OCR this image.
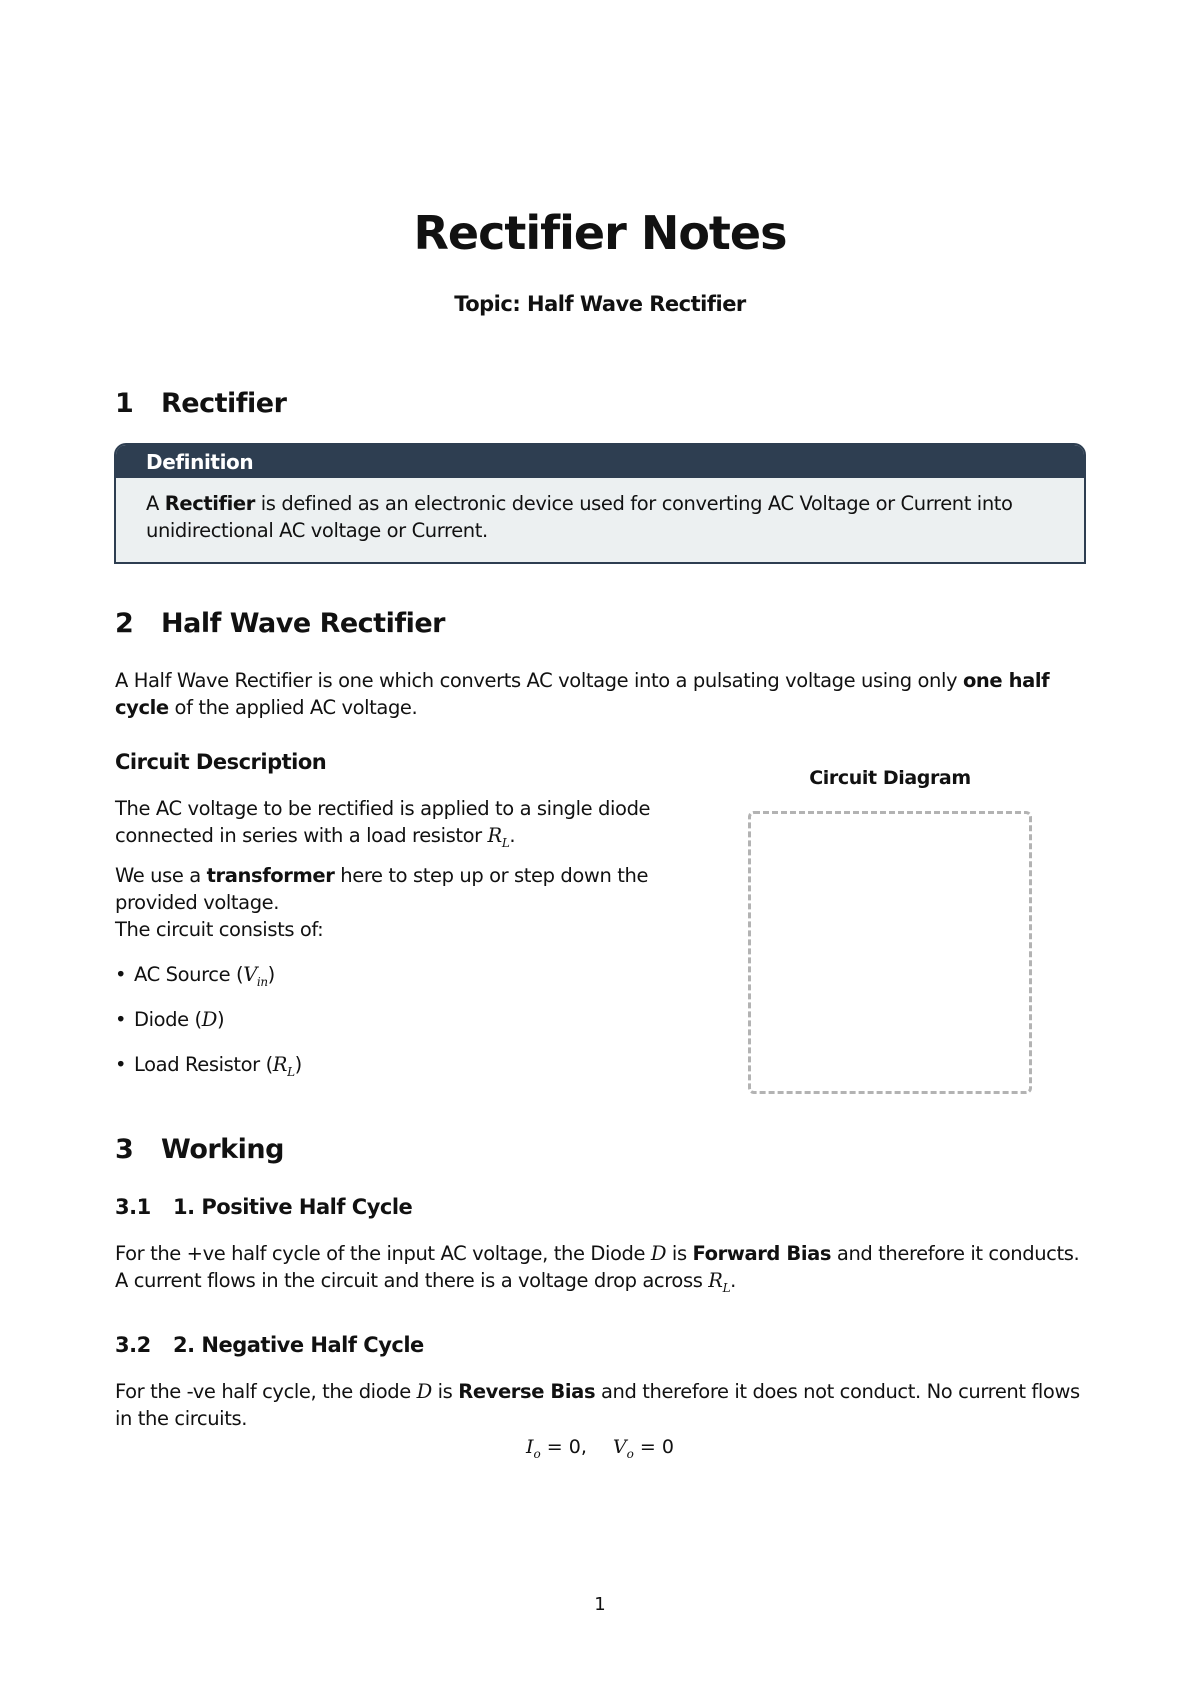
Rectifier Notes
Topic: Half Wave Rectifier
1 Rectifier
Definition
A Rectifier is defined as an electronic device used for converting AC Voltage or Current into unidirectional AC voltage or Current.
2 Half Wave Rectifier
A Half Wave Rectifier is one which converts AC voltage into a pulsating voltage using only one half cycle of the applied AC voltage.
Circuit Description
The AC voltage to be rectified is applied to a single diode connected in series with a load resistor $R_L$.
We use a transformer here to step up or step down the provided voltage.
The circuit consists of:
• AC Source $(V_{in})$
• Diode (D)
• Load Resistor $(R_L)$
Circuit Diagram
3 Working
3.1 1. Positive Half Cycle
For the +ve half cycle of the input AC voltage, the Diode D is Forward Bias and therefore it conducts. A current flows in the circuit and there is a voltage drop across $R_L$.
3.2 2. Negative Half Cycle
For the -ve half cycle, the diode D is Reverse Bias and therefore it does not conduct. No current flows in the circuits.
$I_o = 0$, $V_o = 0$
1
